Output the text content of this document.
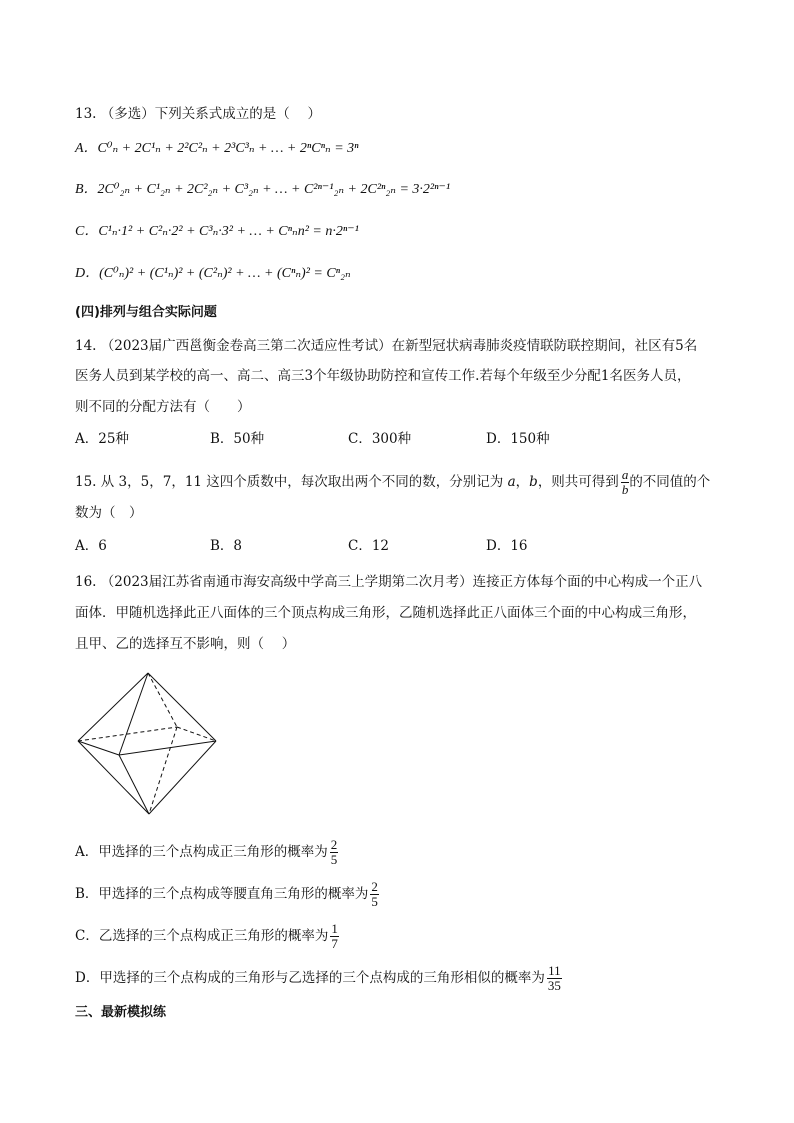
13. （多选）下列关系式成立的是（　 ）
A．C⁰ₙ + 2C¹ₙ + 2²C²ₙ + 2³C³ₙ + … + 2ⁿCⁿₙ = 3ⁿ
B．2C⁰₂ₙ + C¹₂ₙ + 2C²₂ₙ + C³₂ₙ + … + C²ⁿ⁻¹₂ₙ + 2C²ⁿ₂ₙ = 3·2²ⁿ⁻¹
C．C¹ₙ·1² + C²ₙ·2² + C³ₙ·3² + … + Cⁿₙn² = n·2ⁿ⁻¹
D．(C⁰ₙ)² + (C¹ₙ)² + (C²ₙ)² + … + (Cⁿₙ)² = Cⁿ₂ₙ
(四)排列与组合实际问题
14. （2023届广西邕衡金卷高三第二次适应性考试）在新型冠状病毒肺炎疫情联防联控期间，社区有5名
医务人员到某学校的高一、高二、高三3个年级协助防控和宣传工作.若每个年级至少分配1名医务人员，
则不同的分配方法有（　　）
A．25种	B．50种	C．300种	D．150种
15. 从 3，5，7，11 这四个质数中，每次取出两个不同的数，分别记为 a，b，则共可得到 $\frac{a}{b}$ 的不同值的个
数为（　）
A．6	B．8	C．12	D．16
16. （2023届江苏省南通市海安高级中学高三上学期第二次月考）连接正方体每个面的中心构成一个正八
面体．甲随机选择此正八面体的三个顶点构成三角形，乙随机选择此正八面体三个面的中心构成三角形，
且甲、乙的选择互不影响，则（　 ）
A．甲选择的三个点构成正三角形的概率为 $\frac{2}{5}$
B．甲选择的三个点构成等腰直角三角形的概率为 $\frac{2}{5}$
C．乙选择的三个点构成正三角形的概率为 $\frac{1}{7}$
D．甲选择的三个点构成的三角形与乙选择的三个点构成的三角形相似的概率为 $\frac{11}{35}$
三、最新模拟练
